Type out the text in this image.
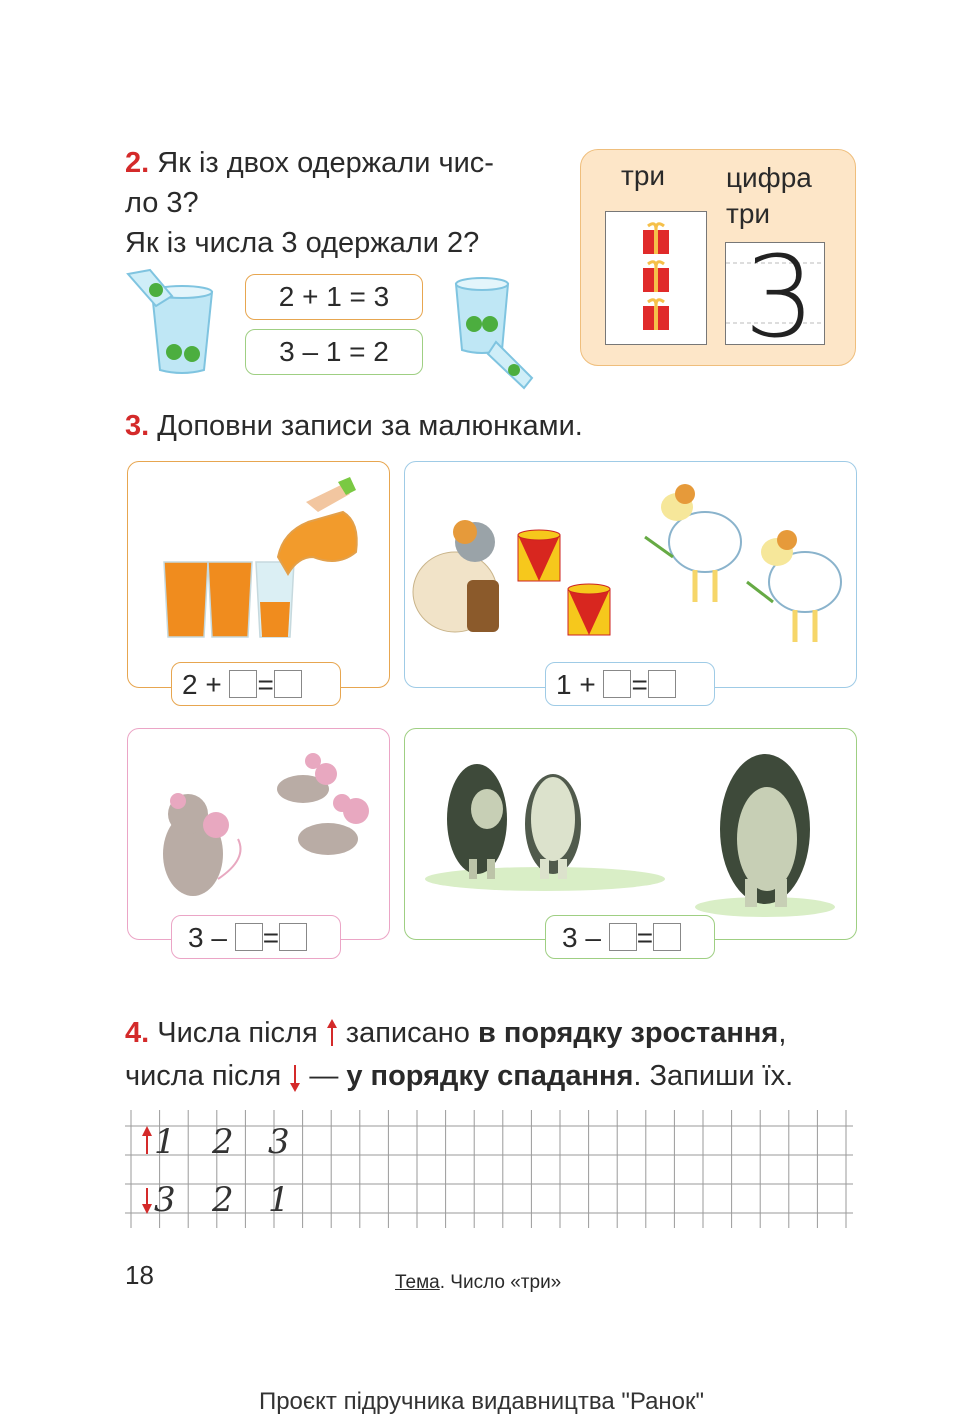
2. Як із двох одержали чис-
ло 3?
Як із числа 3 одержали 2?
2 + 1 = 3
3 – 1 = 2
три цифра
три
3
3. Доповни записи за малюнками.
2 + =	1 + =
3 – =	3 – =
4. Числа після записано в порядку зростання,
числа після — у порядку спадання. Запиши їх.
1 2 3
3 2 1
18	Тема. Число «три»
Проєкт підручника видавництва "Ранок"
